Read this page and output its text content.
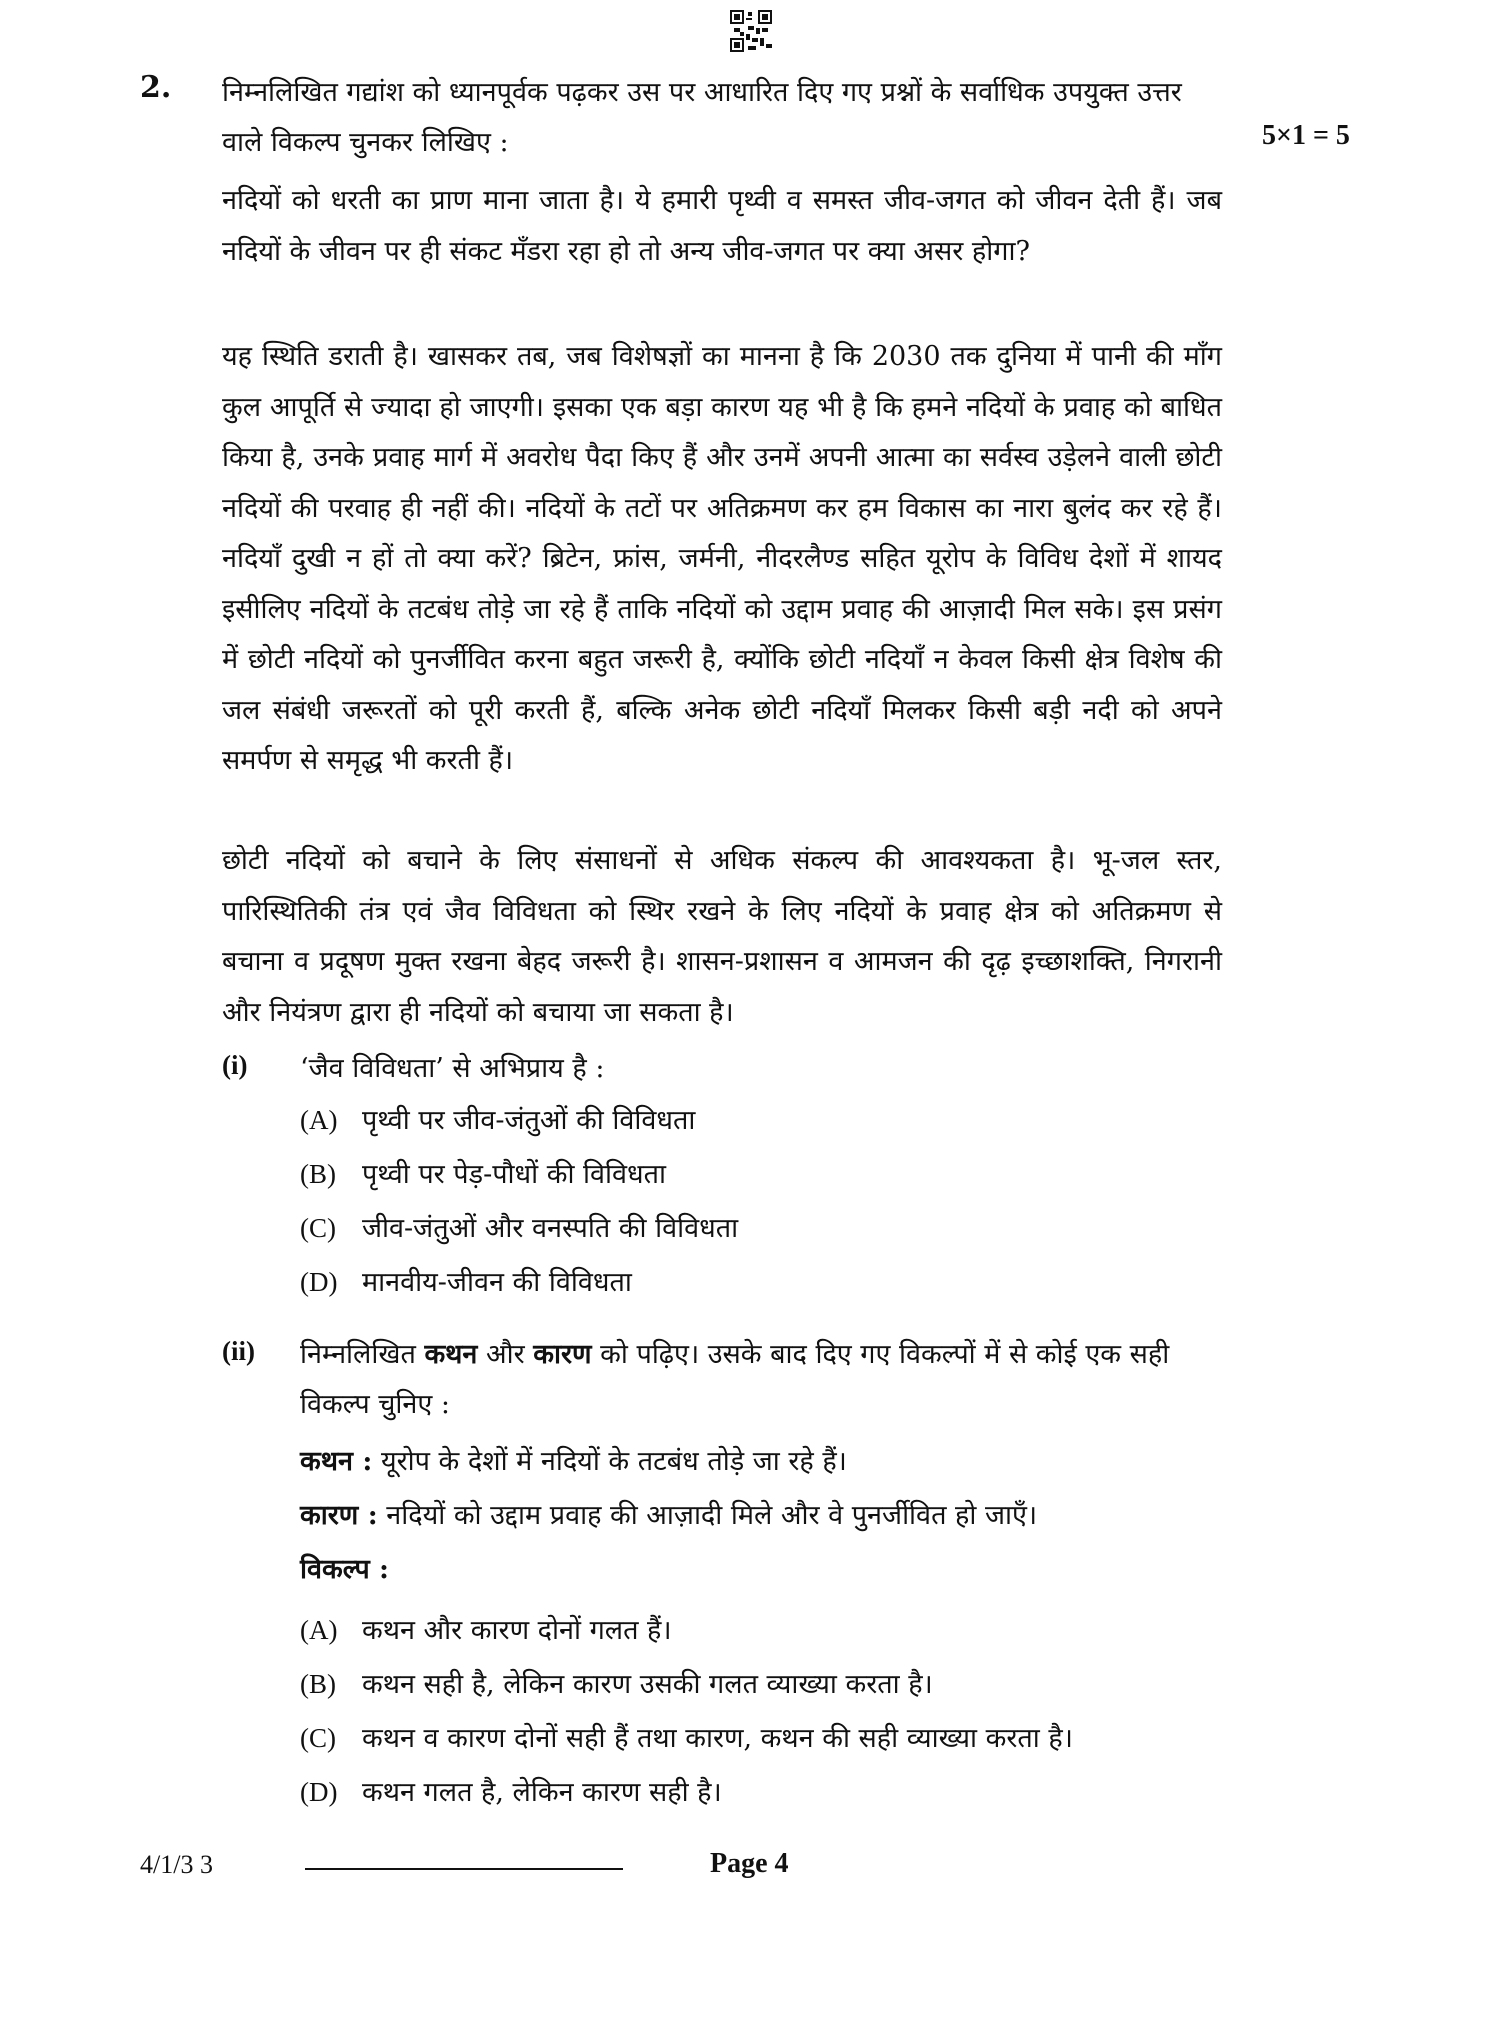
2. निम्नलिखित गद्यांश को ध्यानपूर्वक पढ़कर उस पर आधारित दिए गए प्रश्नों के सर्वाधिक उपयुक्त उत्तर वाले विकल्प चुनकर लिखिए :	5×1 = 5

नदियों को धरती का प्राण माना जाता है। ये हमारी पृथ्वी व समस्त जीव-जगत को जीवन देती हैं। जब नदियों के जीवन पर ही संकट मँडरा रहा हो तो अन्य जीव-जगत पर क्या असर होगा?

यह स्थिति डराती है। खासकर तब, जब विशेषज्ञों का मानना है कि 2030 तक दुनिया में पानी की माँग कुल आपूर्ति से ज्यादा हो जाएगी। इसका एक बड़ा कारण यह भी है कि हमने नदियों के प्रवाह को बाधित किया है, उनके प्रवाह मार्ग में अवरोध पैदा किए हैं और उनमें अपनी आत्मा का सर्वस्व उड़ेलने वाली छोटी नदियों की परवाह ही नहीं की। नदियों के तटों पर अतिक्रमण कर हम विकास का नारा बुलंद कर रहे हैं। नदियाँ दुखी न हों तो क्या करें? ब्रिटेन, फ्रांस, जर्मनी, नीदरलैण्ड सहित यूरोप के विविध देशों में शायद इसीलिए नदियों के तटबंध तोड़े जा रहे हैं ताकि नदियों को उद्दाम प्रवाह की आज़ादी मिल सके। इस प्रसंग में छोटी नदियों को पुनर्जीवित करना बहुत जरूरी है, क्योंकि छोटी नदियाँ न केवल किसी क्षेत्र विशेष की जल संबंधी जरूरतों को पूरी करती हैं, बल्कि अनेक छोटी नदियाँ मिलकर किसी बड़ी नदी को अपने समर्पण से समृद्ध भी करती हैं।

छोटी नदियों को बचाने के लिए संसाधनों से अधिक संकल्प की आवश्यकता है। भू-जल स्तर, पारिस्थितिकी तंत्र एवं जैव विविधता को स्थिर रखने के लिए नदियों के प्रवाह क्षेत्र को अतिक्रमण से बचाना व प्रदूषण मुक्त रखना बेहद जरूरी है। शासन-प्रशासन व आमजन की दृढ़ इच्छाशक्ति, निगरानी और नियंत्रण द्वारा ही नदियों को बचाया जा सकता है।

(i) ‘जैव विविधता’ से अभिप्राय है :
(A) पृथ्वी पर जीव-जंतुओं की विविधता
(B) पृथ्वी पर पेड़-पौधों की विविधता
(C) जीव-जंतुओं और वनस्पति की विविधता
(D) मानवीय-जीवन की विविधता
(ii) निम्नलिखित कथन और कारण को पढ़िए। उसके बाद दिए गए विकल्पों में से कोई एक सही विकल्प चुनिए :
कथन : यूरोप के देशों में नदियों के तटबंध तोड़े जा रहे हैं।
कारण : नदियों को उद्दाम प्रवाह की आज़ादी मिले और वे पुनर्जीवित हो जाएँ।
विकल्प :
(A) कथन और कारण दोनों गलत हैं।
(B) कथन सही है, लेकिन कारण उसकी गलत व्याख्या करता है।
(C) कथन व कारण दोनों सही हैं तथा कारण, कथन की सही व्याख्या करता है।
(D) कथन गलत है, लेकिन कारण सही है।
4/1/3 3	Page 4
